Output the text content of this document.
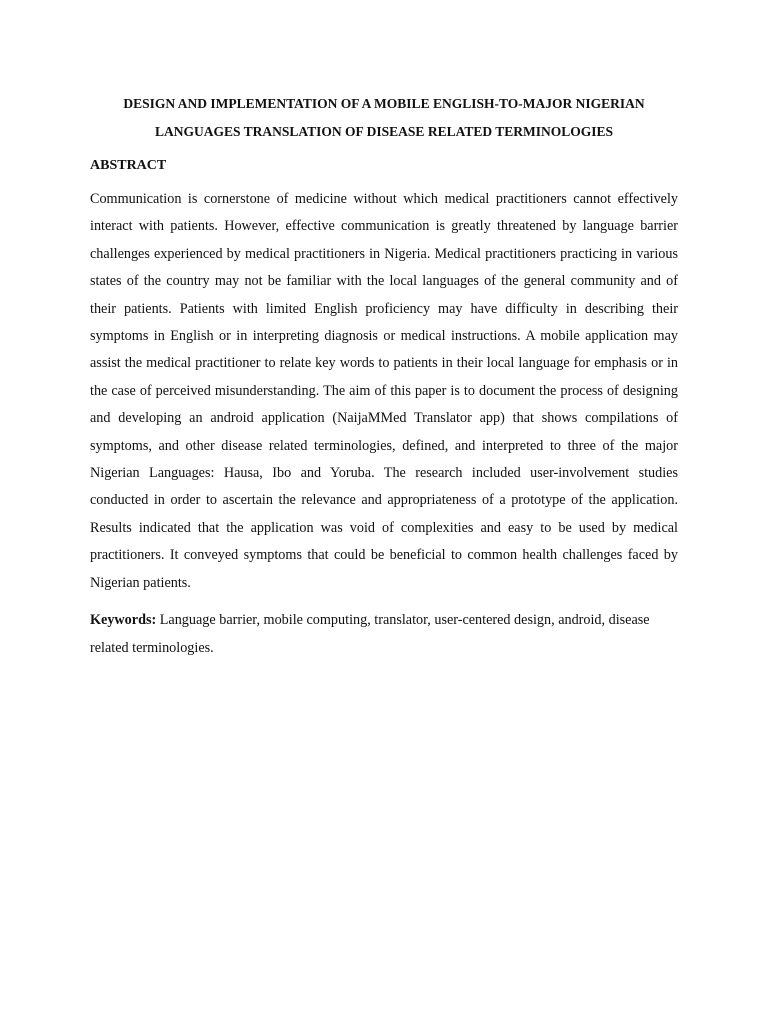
DESIGN AND IMPLEMENTATION OF A MOBILE ENGLISH-TO-MAJOR NIGERIAN

LANGUAGES TRANSLATION OF DISEASE RELATED TERMINOLOGIES

ABSTRACT

Communication is cornerstone of medicine without which medical practitioners cannot effectively interact with patients. However, effective communication is greatly threatened by language barrier challenges experienced by medical practitioners in Nigeria. Medical practitioners practicing in various states of the country may not be familiar with the local languages of the general community and of their patients. Patients with limited English proficiency may have difficulty in describing their symptoms in English or in interpreting diagnosis or medical instructions. A mobile application may assist the medical practitioner to relate key words to patients in their local language for emphasis or in the case of perceived misunderstanding. The aim of this paper is to document the process of designing and developing an android application (NaijaMMed Translator app) that shows compilations of symptoms, and other disease related terminologies, defined, and interpreted to three of the major Nigerian Languages: Hausa, Ibo and Yoruba. The research included user-involvement studies conducted in order to ascertain the relevance and appropriateness of a prototype of the application. Results indicated that the application was void of complexities and easy to be used by medical practitioners. It conveyed symptoms that could be beneficial to common health challenges faced by Nigerian patients.

Keywords: Language barrier, mobile computing, translator, user-centered design, android, disease related terminologies.
